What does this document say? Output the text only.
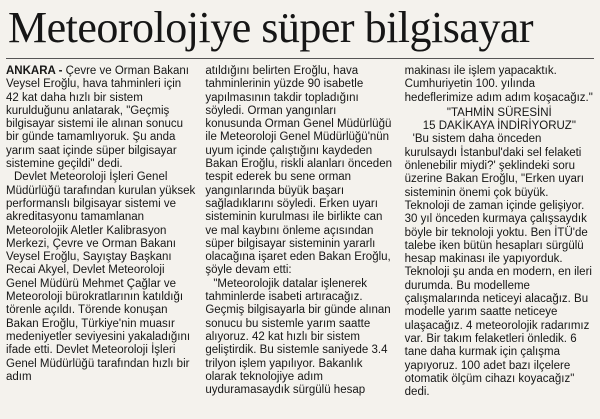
Meteorolojiye süper bilgisayar

ANKARA - Çevre ve Orman Bakanı Veysel Eroğlu, hava tahminleri için 42 kat daha hızlı bir sistem kurulduğunu anlatarak, "Geçmiş bilgisayar sistemi ile alınan sonucu bir günde tamamlıyoruk. Şu anda yarım saat içinde süper bilgisayar sistemine geçildi" dedi.

Devlet Meteoroloji İşleri Genel Müdürlüğü tarafından kurulan yüksek performanslı bilgisayar sistemi ve akreditasyonu tamamlanan Meteorolojik Aletler Kalibrasyon Merkezi, Çevre ve Orman Bakanı Veysel Eroğlu, Sayıştay Başkanı Recai Akyel, Devlet Meteoroloji Genel Müdürü Mehmet Çağlar ve Meteoroloji bürokratlarının katıldığı törenle açıldı. Törende konuşan Bakan Eroğlu, Türkiye'nin muasır medeniyetler seviyesini yakaladığını ifade etti. Devlet Meteoroloji İşleri Genel Müdürlüğü tarafından hızlı bir adım

atıldığını belirten Eroğlu, hava tahminlerinin yüzde 90 isabetle yapılmasının takdir topladığını söyledi. Orman yangınları konusunda Orman Genel Müdürlüğü ile Meteoroloji Genel Müdürlüğü'nün uyum içinde çalıştığını kaydeden Bakan Eroğlu, riskli alanları önceden tespit ederek bu sene orman yangınlarında büyük başarı sağladıklarını söyledi. Erken uyarı sisteminin kurulması ile birlikte can ve mal kaybını önleme açısından süper bilgisayar sisteminin yararlı olacağına işaret eden Bakan Eroğlu, şöyle devam etti:

"Meteorolojik datalar işlenerek tahminlerde isabeti artıracağız. Geçmiş bilgisayarla bir günde alınan sonucu bu sistemle yarım saatte alıyoruz. 42 kat hızlı bir sistem geliştirdik. Bu sistemle saniyede 3.4 trilyon işlem yapılıyor. Bakanlık olarak teknolojiye adım uyduramasaydık sürgülü hesap

makinası ile işlem yapacaktık. Cumhuriyetin 100. yılında hedeflerimize adım adım koşacağız."

"TAHMİN SÜRESİNİ
15 DAKİKAYA İNDİRİYORUZ"

'Bu sistem daha önceden kurulsaydı İstanbul'daki sel felaketi önlenebilir miydi?' şeklindeki soru üzerine Bakan Eroğlu, "Erken uyarı sisteminin önemi çok büyük. Teknoloji de zaman içinde gelişiyor. 30 yıl önceden kurmaya çalışsaydık böyle bir teknoloji yoktu. Ben İTÜ'de talebe iken bütün hesapları sürgülü hesap makinası ile yapıyorduk. Teknoloji şu anda en modern, en ileri durumda. Bu modelleme çalışmalarında neticeyi alacağız. Bu modelle yarım saatte neticeye ulaşacağız. 4 meteorolojik radarımız var. Bir takım felaketleri önledik. 6 tane daha kurmak için çalışma yapıyoruz. 100 adet bazı ilçelere otomatik ölçüm cihazı koyacağız" dedi.
